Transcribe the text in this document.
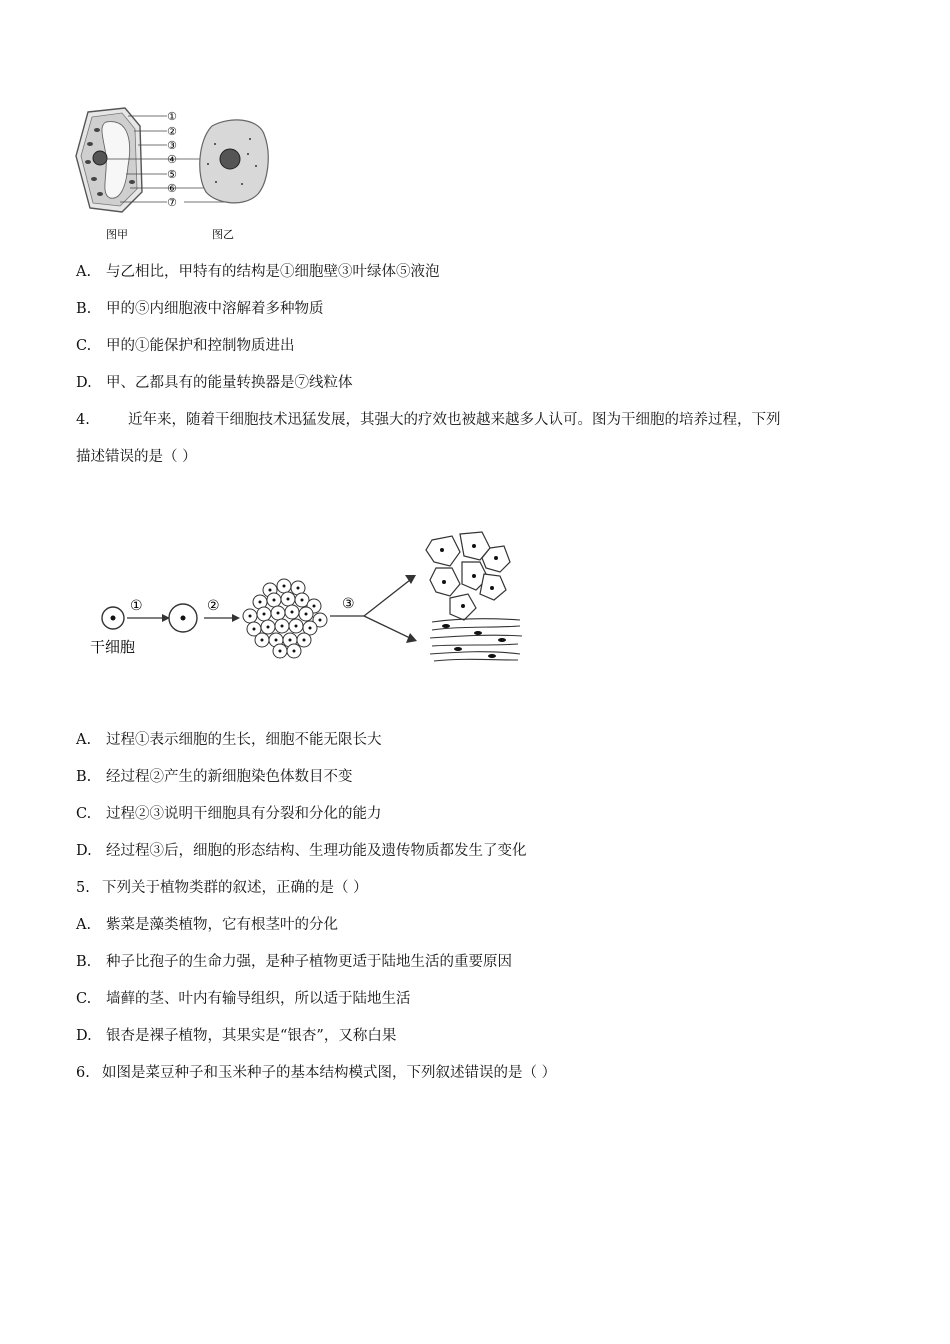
①
②
③
④
⑤
⑥
⑦
图甲	图乙
A. 与乙相比，甲特有的结构是①细胞壁③叶绿体⑤液泡
B. 甲的⑤内细胞液中溶解着多种物质
C. 甲的①能保护和控制物质进出
D. 甲、乙都具有的能量转换器是⑦线粒体
4.	近年来，随着干细胞技术迅猛发展，其强大的疗效也被越来越多人认可。图为干细胞的培养过程，下列
描述错误的是（ ）
干细胞
①	②	③
A. 过程①表示细胞的生长，细胞不能无限长大
B. 经过程②产生的新细胞染色体数目不变
C. 过程②③说明干细胞具有分裂和分化的能力
D. 经过程③后，细胞的形态结构、生理功能及遗传物质都发生了变化
5. 下列关于植物类群的叙述，正确的是（ ）
A. 紫菜是藻类植物，它有根茎叶的分化
B. 种子比孢子的生命力强，是种子植物更适于陆地生活的重要原因
C. 墙藓的茎、叶内有输导组织，所以适于陆地生活
D. 银杏是裸子植物，其果实是“银杏”，又称白果
6. 如图是菜豆种子和玉米种子的基本结构模式图，下列叙述错误的是（ ）
